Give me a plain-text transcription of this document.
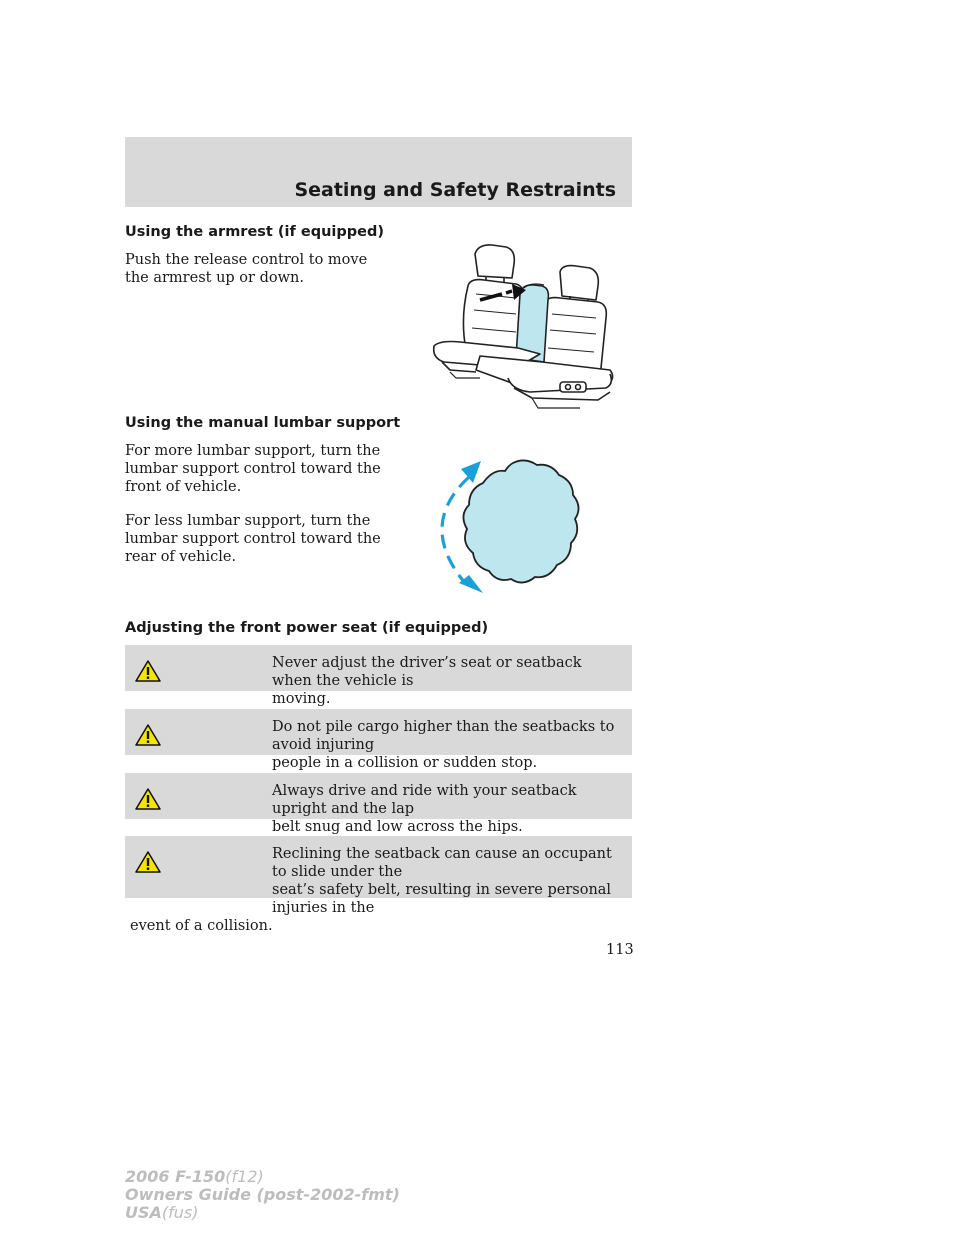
Seating and Safety Restraints
Using the armrest (if equipped)
Push the release control to move
the armrest up or down.
Using the manual lumbar support
For more lumbar support, turn the
lumbar support control toward the
front of vehicle.
For less lumbar support, turn the
lumbar support control toward the
rear of vehicle.
Adjusting the front power seat (if equipped)
Never adjust the driver’s seat or seatback when the vehicle is
moving.
Do not pile cargo higher than the seatbacks to avoid injuring
people in a collision or sudden stop.
Always drive and ride with your seatback upright and the lap
belt snug and low across the hips.
Reclining the seatback can cause an occupant to slide under the
seat’s safety belt, resulting in severe personal injuries in the
event of a collision.
113
2006 F-150(f12)
Owners Guide (post-2002-fmt)
USA(fus)
